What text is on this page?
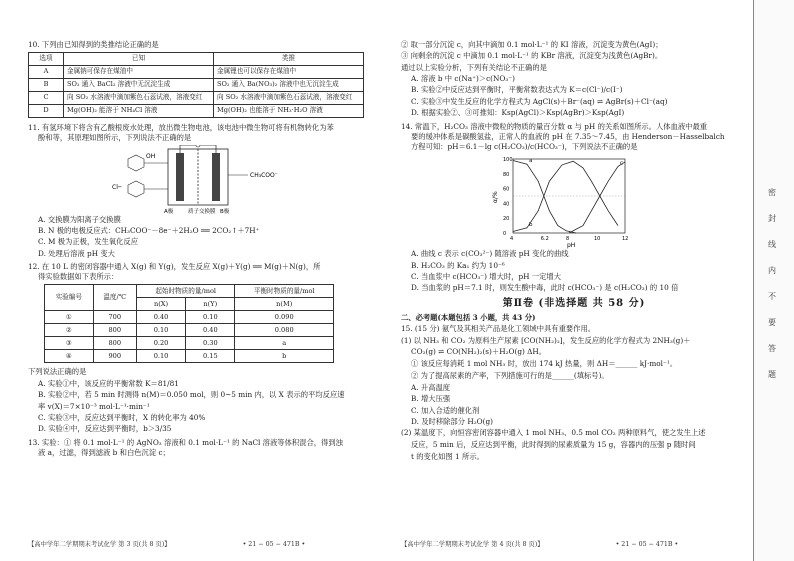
10. 下列由已知得到的类推结论正确的是
选项	已知	类推
A	金属钠可保存在煤油中	金属锂也可以保存在煤油中
B	SO₂ 通入 BaCl₂ 溶液中无沉淀生成	SO₂ 通入 Ba(NO₃)₂ 溶液中也无沉淀生成
C	向 SO₂ 水溶液中滴加紫色石蕊试液，溶液变红	向 SO₂ 水溶液中滴加紫色石蕊试液，溶液变红
D	Mg(OH)₂ 能溶于 NH₄Cl 溶液	Mg(OH)₂ 也能溶于 NH₃·H₂O 溶液
11. 有氢环境下将含有乙酸根废水处理，放出微生物电池，该电池中微生物可将有机物转化为苯
酚和等，其原理如图所示，下列说法不正确的是
OH
Cl─
CH₃COO⁻
A极	质子交换膜 B极
A. 交换膜为阳离子交换膜
B. N 极的电极反应式：CH₃COO⁻－8e⁻＋2H₂O ══ 2CO₂↑＋7H⁺
C. M 极为正极，发生氧化反应
D. 处理后溶液 pH 变大
12. 在 10 L 的密闭容器中通入 X(g) 和 Y(g)，发生反应 X(g)＋Y(g) ══ M(g)＋N(g)，所
得实验数据如下表所示：
实验编号	温度/℃	起始时物质的量/mol		平衡时物质的量/mol
		n(X)	n(Y)	n(M)
①	700	0.40	0.10	0.090
②	800	0.10	0.40	0.080
③	800	0.20	0.30	a
④	900	0.10	0.15	b
下列说法正确的是
A. 实验①中，该反应的平衡常数 K＝81/81
B. 实验②中，若 5 min 时测得 n(M)＝0.050 mol，则 0~5 min 内，以 X 表示的平均反应速
率 v(X)＝7×10⁻³ mol·L⁻¹·min⁻¹
C. 实验③中，反应达到平衡时，X 的转化率为 40%
D. 实验④中，反应达到平衡时，b＞3/35
13. 实验：① 将 0.1 mol·L⁻¹ 的 AgNO₃ 溶液和 0.1 mol·L⁻¹ 的 NaCl 溶液等体积混合，得到浊
液 a，过滤，得到滤液 b 和白色沉淀 c；
【高中学年二学期期末考试化学 第 3 页(共 8 页)】	• 21 − 05 − 471B •
② 取一部分沉淀 c，向其中滴加 0.1 mol·L⁻¹ 的 KI 溶液，沉淀变为黄色(AgI)；
③ 向剩余的沉淀 c 中滴加 0.1 mol·L⁻¹ 的 KBr 溶液，沉淀变为浅黄色(AgBr)。
通过以上实验分析，下列有关结论不正确的是
A. 溶液 b 中 c(Na⁺)＞c(NO₃⁻)
B. 实验②中反应达到平衡时，平衡常数表达式为 K＝c(Cl⁻)/c(I⁻)
C. 实验③中发生反应的化学方程式为 AgCl(s)＋Br⁻(aq) ⇌ AgBr(s)＋Cl⁻(aq)
D. 根据实验②、③可推知：Ksp(AgCl)＞Ksp(AgBr)＞Ksp(AgI)
14. 常温下，H₂CO₃ 溶液中微粒的物质的量百分数 α 与 pH 的关系如图所示。人体血液中最重
要的缓冲体系是碳酸氢盐，正常人的血液的 pH 在 7.35～7.45，由 Henderson－Hasselbalch
方程可知：pH＝6.1－lg c(H₂CO₃)/c(HCO₃⁻)，下列说法不正确的是
a
b
c
4	6.2	8	10	12
0
20
40
60
80
100
α/%
pH
A. 曲线 c 表示 c(CO₃²⁻) 随溶液 pH 变化的曲线
B. H₂CO₃ 的 Ka₁ 约为 10⁻⁶
C. 当血浆中 c(HCO₃⁻) 增大时，pH 一定增大
D. 当血浆的 pH＝7.1 时，则发生酸中毒，此时 c(HCO₃⁻) 是 c(H₂CO₃) 的 10 倍
第Ⅱ卷 (非选择题 共 58 分)
二、必考题(本题包括 3 小题，共 43 分)
15. (15 分) 氨气及其相关产品是化工领域中具有重要作用。
(1) 以 NH₃ 和 CO₂ 为原料生产尿素 [CO(NH₂)₂]，发生反应的化学方程式为 2NH₃(g)＋
CO₂(g) ⇌ CO(NH₂)₂(s)＋H₂O(g) ΔH。
① 该反应每消耗 1 mol NH₃ 时，放出 174 kJ 热量，则 ΔH＝______ kJ·mol⁻¹。
② 为了提高尿素的产率，下列措施可行的是______(填标号)。
A. 升高温度
B. 增大压强
C. 加入合适的催化剂
D. 及时移除部分 H₂O(g)
(2) 某温度下，向恒容密闭容器中通入 1 mol NH₃、0.5 mol CO₂ 两种原料气，使之发生上述
反应，5 min 后，反应达到平衡，此时得到的尿素质量为 15 g，容器内的压强 p 随时间
t 的变化如图 1 所示。
【高中学年二学期期末考试化学 第 4 页(共 8 页)】	• 21 − 05 − 471B •
密
封
线
内
不
要
答
题
